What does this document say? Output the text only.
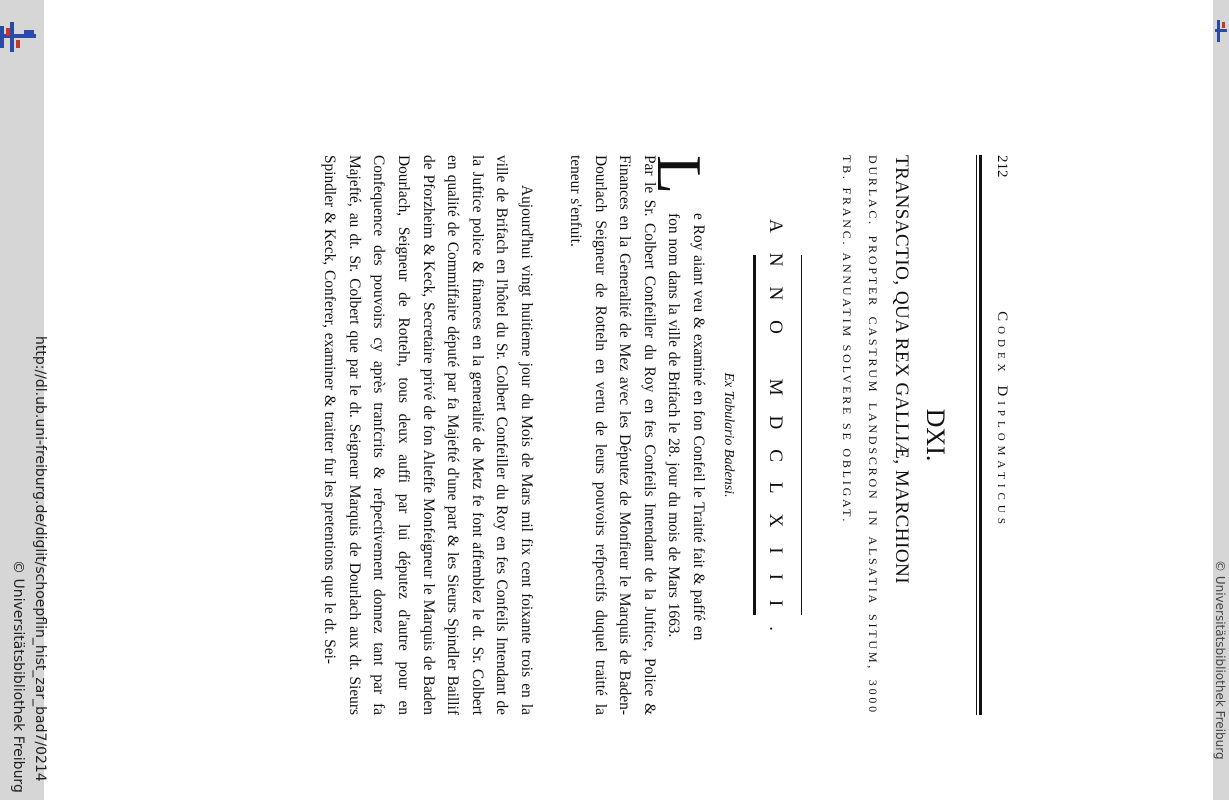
http://dl.ub.uni-freiburg.de/diglit/schoepflin_hist_zar_bad7/0214
© Universitätsbibliothek Freiburg	© Universitätsbibliothek Freiburg
212
Codex Diplomaticus
DXI.
TRANSACTIO, QUA REX GALLIÆ, MARCHIONI
DURLAC. PROPTER CASTRUM LANDSCRON IN ALSATIA SITUM, 3000 TB. FRANC. ANNUATIM SOLVERE SE OBLIGAT.
ANNO MDCLXIII.
Ex Tabulario Badensi.
L
e Roy aiant veu & examiné en fon Confeil le Traitté fait & paffé en
fon nom dans la ville de Brifach le 28. jour du mois de Mars 1663.
Par le Sr. Colbert Confeiller du Roy en fes Confeils Intendant de la Juftice, Police & Finances en la Generalité de Mez avec les Députez de Monfieur le Marquis de Baden-Dourlach Seigneur de Rotteln en vertu de leurs pouvoirs refpectifs duquel traitté la teneur s'enfuit.
Aujourd'hui vingt huitieme jour du Mois de Mars mil fix cent foixante trois en la ville de Brifach en l'hôtel du Sr. Colbert Confeiller du Roy en fes Confeils Intendant de la Juftice police & finances en la generalité de Metz fe font affemblez le dt. Sr. Colbert en qualité de Commiffaire député par fa Majefté d'une part & les Sieurs Spindler Baillif de Pforzheim & Keck, Secretaire privé de fon Alteffe Monfeigneur le Marquis de Baden Dourlach, Seigneur de Rotteln, tous deux auffi par lui députez d'autre pour en Confequence des pouvoirs cy après tranfcrits & refpectivement donnez tant par fa Majefté, au dt. Sr. Colbert que par le dt. Seigneur Marquis de Dourlach aux dt. Sieurs Spindler & Keck, Conferer, examiner & traitter fur les pretentions que le dt. Sei-
